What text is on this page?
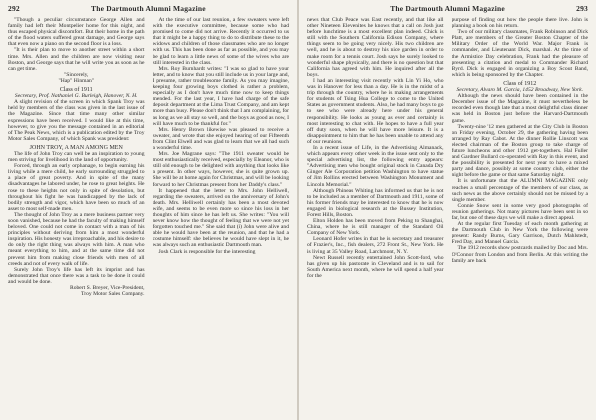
292	The Dartmouth Alumni Magazine

"Though a peculiar circumstance George Allen and family had left their Montpelier home for this night, and thus escaped physical discomfort. But their home in the path of the flood waters suffered great damage, and George says that even now a piano on the second floor is a loss.

"It is their plan to move to another street within a short time. Mrs. Allen and the children are now visiting near Boston, and George says that he will write you as soon as he can get time.

"Sincerely,

"Hap" Hinman"

Class of 1911

Secretary, Prof. Nathaniel G. Burleigh, Hanover, N. H.

A slight revision of the screen in which Spank Troy was held by members of the class was given in the last issue of the Magazine. Since that time many other similar expressions have been received. I would like at this time, however, to give you the message contained in an editorial of The Peak News, which is a publication edited by the Troy Motor Sales Company, of which Spank was president:

JOHN TROY, A MAN AMONG MEN

The life of John Troy can well be an inspiration to young men striving for livelihood in the land of opportunity.

Forced, through an early orphanage, to begin earning his living while a mere child, he early surrounding struggled to a place of great poverty. And in spite of the many disadvantages he labored under, he rose to great heights. He rose to these heights not only in spite of desolation, but throughout his fight he was handicapped by the lack of bodily strength and vigor, which have been so much of an asset to most self-made men.

The thought of John Troy as a mere business partner very soon vanished, because he had the faculty of making himself beloved. One could not come in contact with a man of his principles without deriving from him a most wonderful inspiration. His honesty was irreproachable, and his desire to do only the right thing was always with him. A man who meant everything to him, and at the same time did not prevent him from making close friends with men of all creeds and not of every walk of life.

Surely John Troy's life has left its imprint and has demonstrated that once there was a task to be done it could and would be done.

Robert S. Breyer, Vice-President,

Troy Motor Sales Company.

At the time of our last reunion, a few sweaters were left with the executive committee, because some who had promised to come did not arrive. Recently it occurred to us that it might be a happy thing to do to distribute these to the widows and children of those classmates who are no longer with us. This has been done as far as possible, and you may be glad to learn a little news of some of the wives who are still interested in the class.

Mrs. Roy Burnhardt writes: "I was so glad to have your letter, and to know that you still include us in your large and, I presume, rather troublesome family. As you may imagine, keeping four growing boys clothed is rather a problem, especially as I don't have much time now to keep things mended. For the last year, I have had charge of the safe deposit department at the Lima Trust Company, and am kept more than busy. Please don't think that I am complaining, for as long as we all stay so well, and the boys as good as now, I will have much to be thankful for."

Mrs. Henry Brown likewise was pleased to receive a sweater, and wrote that she enjoyed hearing of our Fifteenth from Clint Elwell and was glad to learn that we all had such a wonderful time.

Mrs. Joe Magrane says: "The 1911 sweater would be most enthusiastically received, especially by Eleanor, who is still old enough to be delighted with anything that looks like a present. In other ways, however, she is quite grown up. She will be at home again for Christmas, and will be looking forward to her Christmas present from her Daddy's class."

It happened that the letter to Mrs. John Helliwell, regarding the sweaters, arrived on the anniversary of John's death. Mrs. Helliwell certainly has been a most devoted wife, and seems to be even more so since his loss in her thoughts of him since he has left us. She writes: "You will never know how the thought of feeling that we were not yet forgotten touched me." She said that (i) John were alive and able he would have been at the reunion, and that he had a costume himself: she believes he would have slept in it, he was always such an enthusiastic Dartmouth man.

Josh Clark is responsible for the interesting

The Dartmouth Alumni Magazine	293

news that Club Peace was East recently, and that like all other Nineteen Elevenites he knows that a call on Josh just before lunchtime is a most excellent plan indeed. Chick is still with the Southern California Edison Company, where things seem to be going very nicely. His two children are well, and he is about to destroy his nice garden in order to make room for a tennis court. Josh says he surely looked to wonderful shape physically, and there is no question but that California has agreed with him. He inquired after all the boys.

I had an interesting visit recently with Lin Yi Ho, who was in Hanover for less than a day. He is in the midst of a trip through the country, where he is making arrangements for students of Tsing Hua College to come to the United States as government students. Also, he had many boys to go to see who were already here under his general responsibility. He looks as young as ever and certainly is most interesting to chat with. He hopes to have a full year off duty soon, when he will have more leisure. It is a disappointment to him that he has been unable to attend any of our reunions.

In a recent issue of Life, in the Advertising Almanack, which appears every other week in the issue sent only to the special advertising list, the following entry appears: "Advertising men who bought original stock in Canada Dry Ginger Ale Corporation petition Washington to have statue of Jim Rollins erected between Washington Monument and Lincoln Memorial."

Although Phineas Whiting has informed us that he is not to be included as a member of Dartmouth and 1911, some of his former friends may be interested to know that he is now engaged in biological research at the Bussey Institution, Forest Hills, Boston.

Elton Holden has been moved from Peking to Shanghai, China, where he is still manager of the Standard Oil Company of New York.

Leonard Hofer writes in that he is secretary and treasurer of Frazier's, Inc., fish dealers, 272 Front St., New York. He is living at 35 Valley Road, Larchmont, N. Y.

Newt Russell recently entertained John Scott-ford, who has given up his pastorate in Cleveland and is to sail for South America next month, where he will spend a half year for the

purpose of finding out how the people there live. John is planning a book on his return.

Two of our military classmates, Frank Robinson and Dick Platt, are members of the Greater Boston Chapter of the Military Order of the World War. Major Frank is commander, and Lieutenant Dick, marshal. At the time of the Armistice Day celebration, Frank had the pleasure of presenting a citation and medal to Commander Richard Byrd. Dick is engaged in organizing a Boy Scout Band, which is being sponsored by the Chapter.

Class of 1912

Secretary, Alvaro M. Garcia, 1452 Broadway, New York.

Although the news should have been contained in the December issue of the Magazine, it must nevertheless be recorded even though late that a most delightful class dinner was held in Boston just before the Harvard-Dartmouth game.

Twenty-nine '12 men gathered at the City Club in Boston on Friday evening, October 29, the gathering having been arranged by Ray Cabot. At the dinner Rollie Linscott was elected chairman of the Boston group to take charge of future luncheons and other 1912 get-togethers. Hal Fuller and Gardner Bullard co-operated with Ray in this event, and the possibility is presented for next year to have a mixed party and dance, possibly at some country club, either the night before the game or that same Saturday night.

It is unfortunate that the ALUMNI MAGAZINE only reaches a small percentage of the members of our class, as such news as the above certainly should not be missed by a single member.

Connie Snow sent in some very good photographs of reunion gatherings. Not many pictures have been sent in so far, but one of these days we will make a direct appeal.

At the regular first Tuesday of each month gathering at the Dartmouth Club in New York the following were present: Randy Burns, Gary Garrison, Dutch Mahlstedt, Fred Day, and Manuel Garcia.

The 1912 records show postcards mailed by Doc and Mrs. O'Connor from London and from Berlin. At this writing the family are back
